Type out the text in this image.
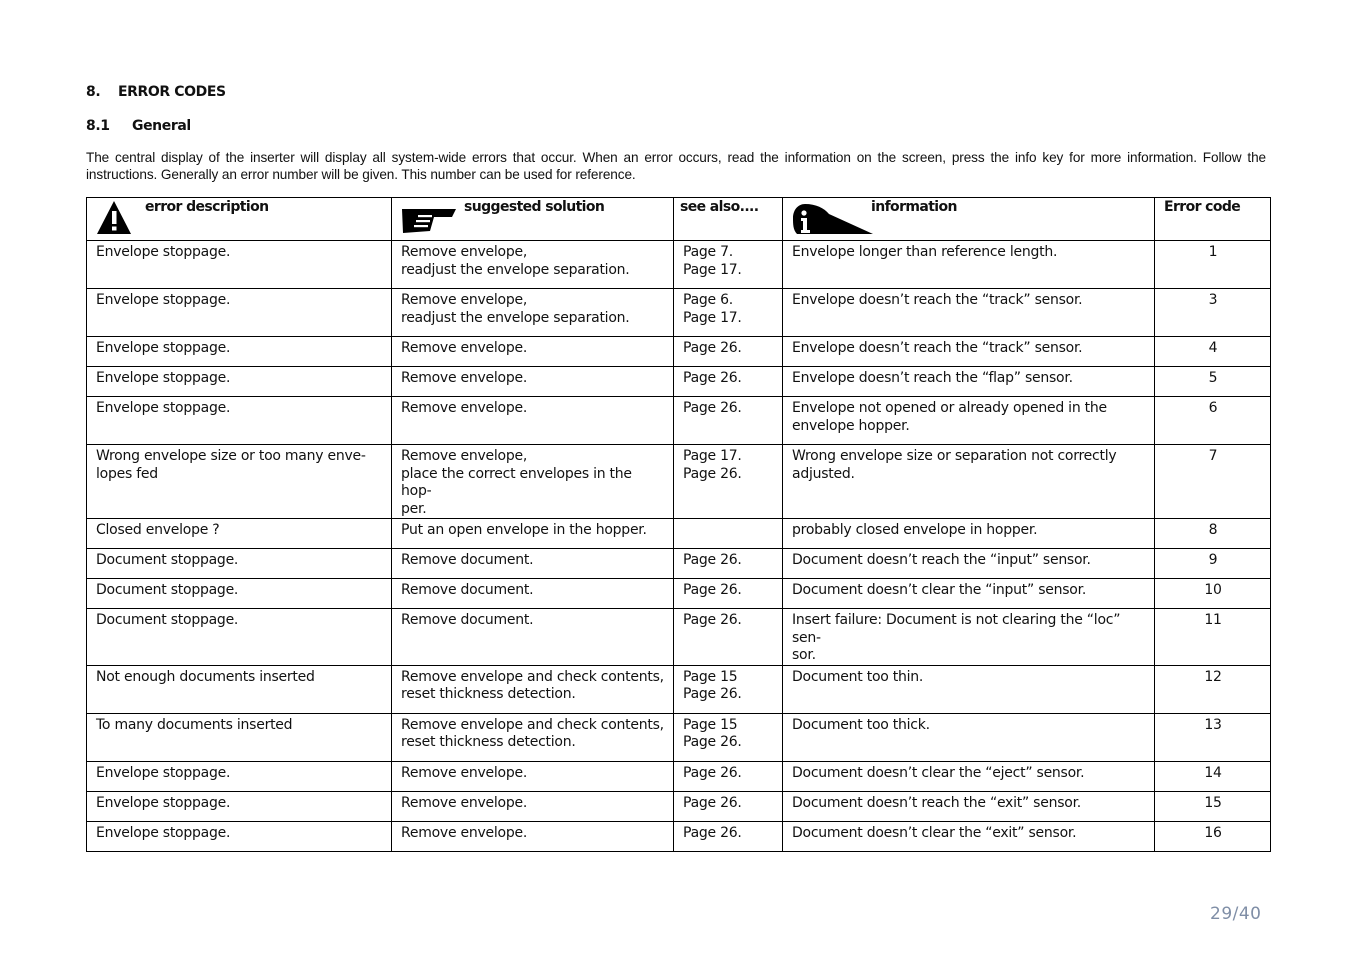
8. ERROR CODES
8.1 General
The central display of the inserter will display all system-wide errors that occur. When an error occurs, read the information on the screen, press the info key for more information. Follow the instructions. Generally an error number will be given. This number can be used for reference.
error description	suggested solution	see also....	information	Error code
Envelope stoppage.	Remove envelope,
readjust the envelope separation.	Page 7.
Page 17.	Envelope longer than reference length.	1
Envelope stoppage.	Remove envelope,
readjust the envelope separation.	Page 6.
Page 17.	Envelope doesn’t reach the “track” sensor.	3
Envelope stoppage.	Remove envelope.	Page 26.	Envelope doesn’t reach the “track” sensor.	4
Envelope stoppage.	Remove envelope.	Page 26.	Envelope doesn’t reach the “flap” sensor.	5
Envelope stoppage.	Remove envelope.	Page 26.	Envelope not opened or already opened in the
envelope hopper.	6
Wrong envelope size or too many enve-
lopes fed	Remove envelope,
place the correct envelopes in the hop-
per.	Page 17.
Page 26.	Wrong envelope size or separation not correctly
adjusted.	7
Closed envelope ?	Put an open envelope in the hopper.		probably closed envelope in hopper.	8
Document stoppage.	Remove document.	Page 26.	Document doesn’t reach the “input” sensor.	9
Document stoppage.	Remove document.	Page 26.	Document doesn’t clear the “input” sensor.	10
Document stoppage.	Remove document.	Page 26.	Insert failure: Document is not clearing the “loc” sen-
sor.	11
Not enough documents inserted	Remove envelope and check contents,
reset thickness detection.	Page 15
Page 26.	Document too thin.	12
To many documents inserted	Remove envelope and check contents,
reset thickness detection.	Page 15
Page 26.	Document too thick.	13
Envelope stoppage.	Remove envelope.	Page 26.	Document doesn’t clear the “eject” sensor.	14
Envelope stoppage.	Remove envelope.	Page 26.	Document doesn’t reach the “exit” sensor.	15
Envelope stoppage.	Remove envelope.	Page 26.	Document doesn’t clear the “exit” sensor.	16
29/40
